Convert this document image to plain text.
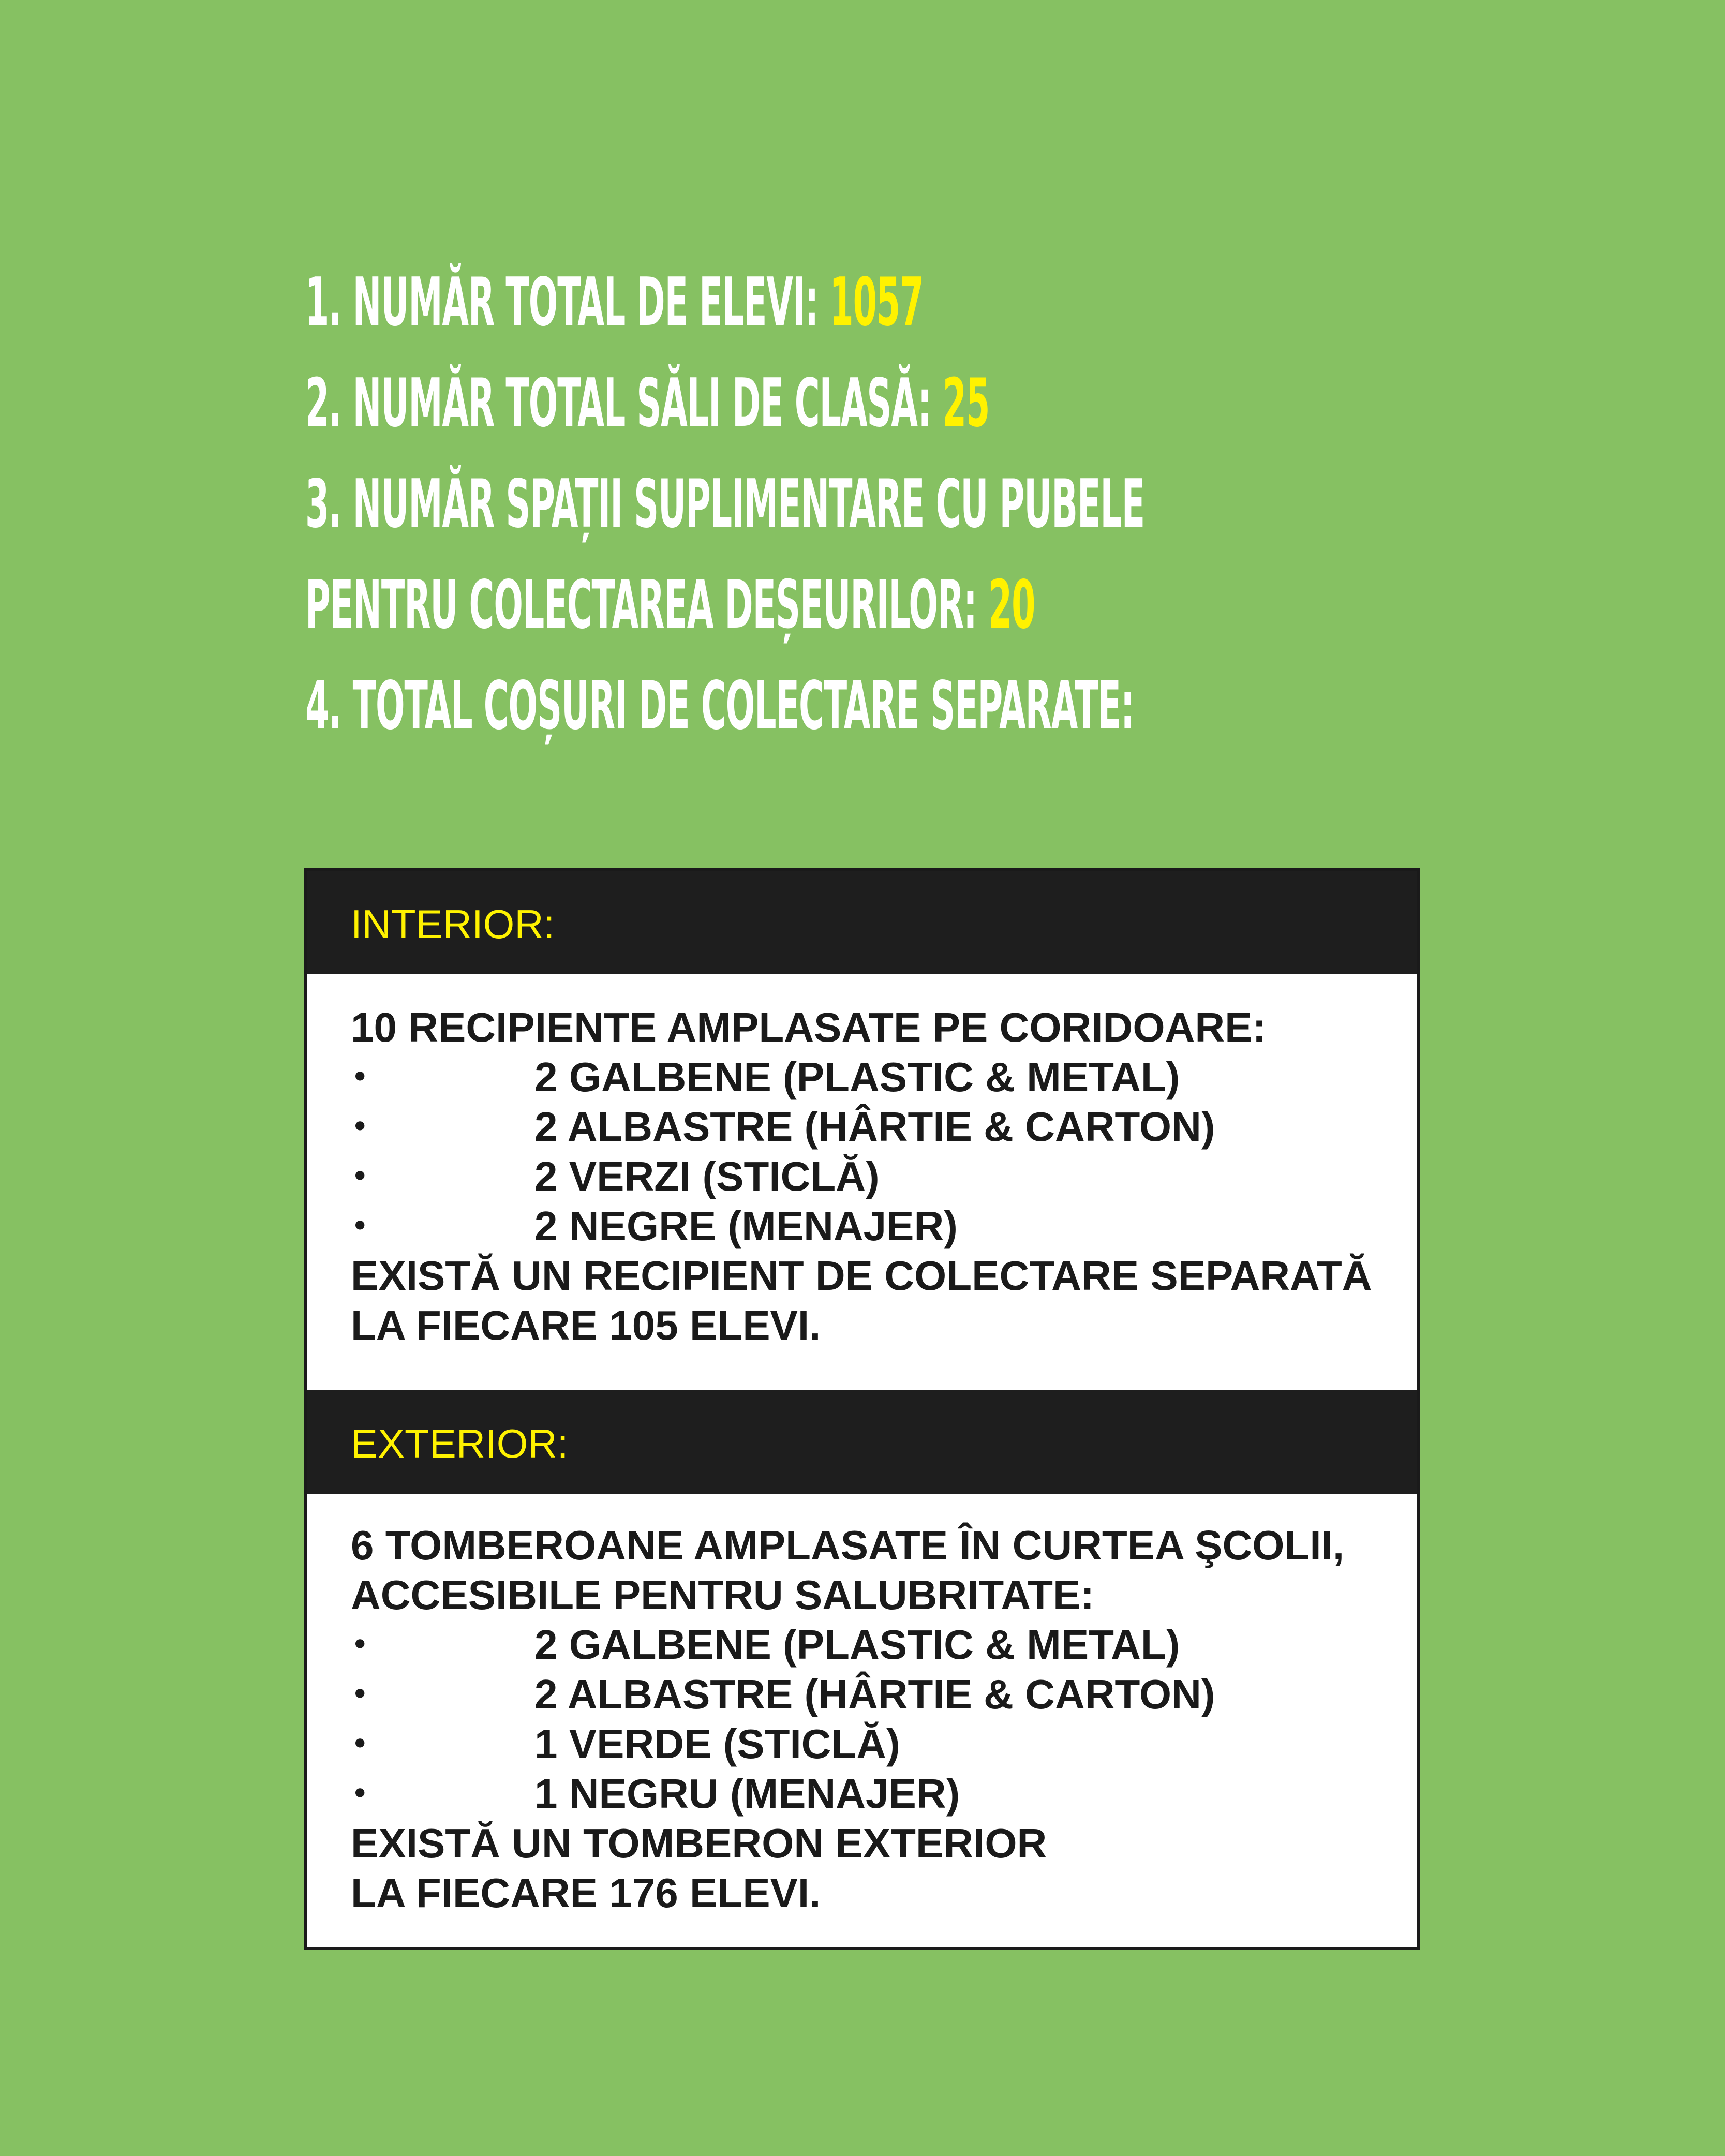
1. NUMĂR TOTAL DE ELEVI: 1057
2. NUMĂR TOTAL SĂLI DE CLASĂ: 25
3. NUMĂR SPAȚII SUPLIMENTARE CU PUBELE
PENTRU COLECTAREA DEȘEURILOR: 20
4. TOTAL COȘURI DE COLECTARE SEPARATE:
INTERIOR:
10 RECIPIENTE AMPLASATE PE CORIDOARE:
•	2 GALBENE (PLASTIC & METAL)
•	2 ALBASTRE (HÂRTIE & CARTON)
•	2 VERZI (STICLĂ)
•	2 NEGRE (MENAJER)
EXISTĂ UN RECIPIENT DE COLECTARE SEPARATĂ
LA FIECARE 105 ELEVI.
EXTERIOR:
6 TOMBEROANE AMPLASATE ÎN CURTEA ŞCOLII,
ACCESIBILE PENTRU SALUBRITATE:
•	2 GALBENE (PLASTIC & METAL)
•	2 ALBASTRE (HÂRTIE & CARTON)
•	1 VERDE (STICLĂ)
•	1 NEGRU (MENAJER)
EXISTĂ UN TOMBERON EXTERIOR
LA FIECARE 176 ELEVI.
